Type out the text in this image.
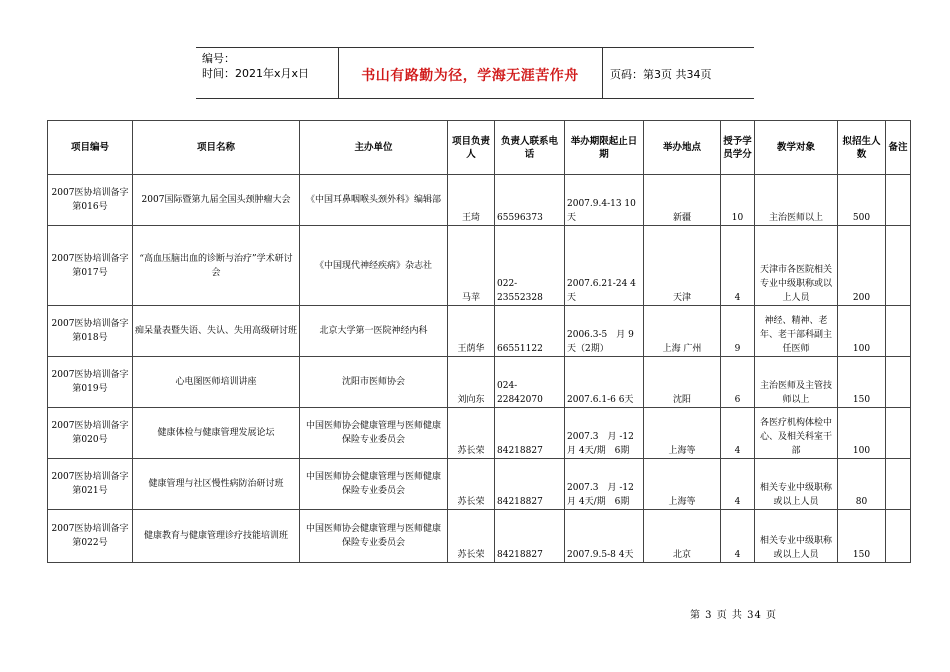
编号：
时间：2021年x月x日	书山有路勤为径，学海无涯苦作舟	页码：第3页 共34页
项目编号	项目名称	主办单位	项目负责人	负责人联系电话	举办期限起止日期	举办地点	授予学员学分	教学对象	拟招生人数	备注
2007医协培训备字第016号	2007国际暨第九届全国头颈肿瘤大会	《中国耳鼻咽喉头颈外科》编辑部	王琦	65596373	2007.9.4-13 10天	新疆	10	主治医师以上	500	
2007医协培训备字第017号	“高血压脑出血的诊断与治疗”学术研讨会	《中国现代神经疾病》杂志社	马苹	022-23552328	2007.6.21-24 4天	天津	4	天津市各医院相关专业中级职称或以上人员	200	
2007医协培训备字第018号	痴呆量表暨失语、失认、失用高级研讨班	北京大学第一医院神经内科	王荫华	66551122	2006.3-5　月 9天（2期）	上海 广州	9	神经、精神、老年、老干部科副主任医师	100	
2007医协培训备字第019号	心电图医师培训讲座	沈阳市医师协会	刘向东	024-22842070	2007.6.1-6 6天	沈阳	6	主治医师及主管技师以上	150	
2007医协培训备字第020号	健康体检与健康管理发展论坛	中国医师协会健康管理与医师健康保险专业委员会	苏长荣	84218827	2007.3　月 -12月 4天/期　6期	上海等	4	各医疗机构体检中心、及相关科室干部	100	
2007医协培训备字第021号	健康管理与社区慢性病防治研讨班	中国医师协会健康管理与医师健康保险专业委员会	苏长荣	84218827	2007.3　月 -12月 4天/期　6期	上海等	4	相关专业中级职称或以上人员	80	
2007医协培训备字第022号	健康教育与健康管理诊疗技能培训班	中国医师协会健康管理与医师健康保险专业委员会	苏长荣	84218827	2007.9.5-8 4天	北京	4	相关专业中级职称或以上人员	150	
第 3 页 共 34 页
